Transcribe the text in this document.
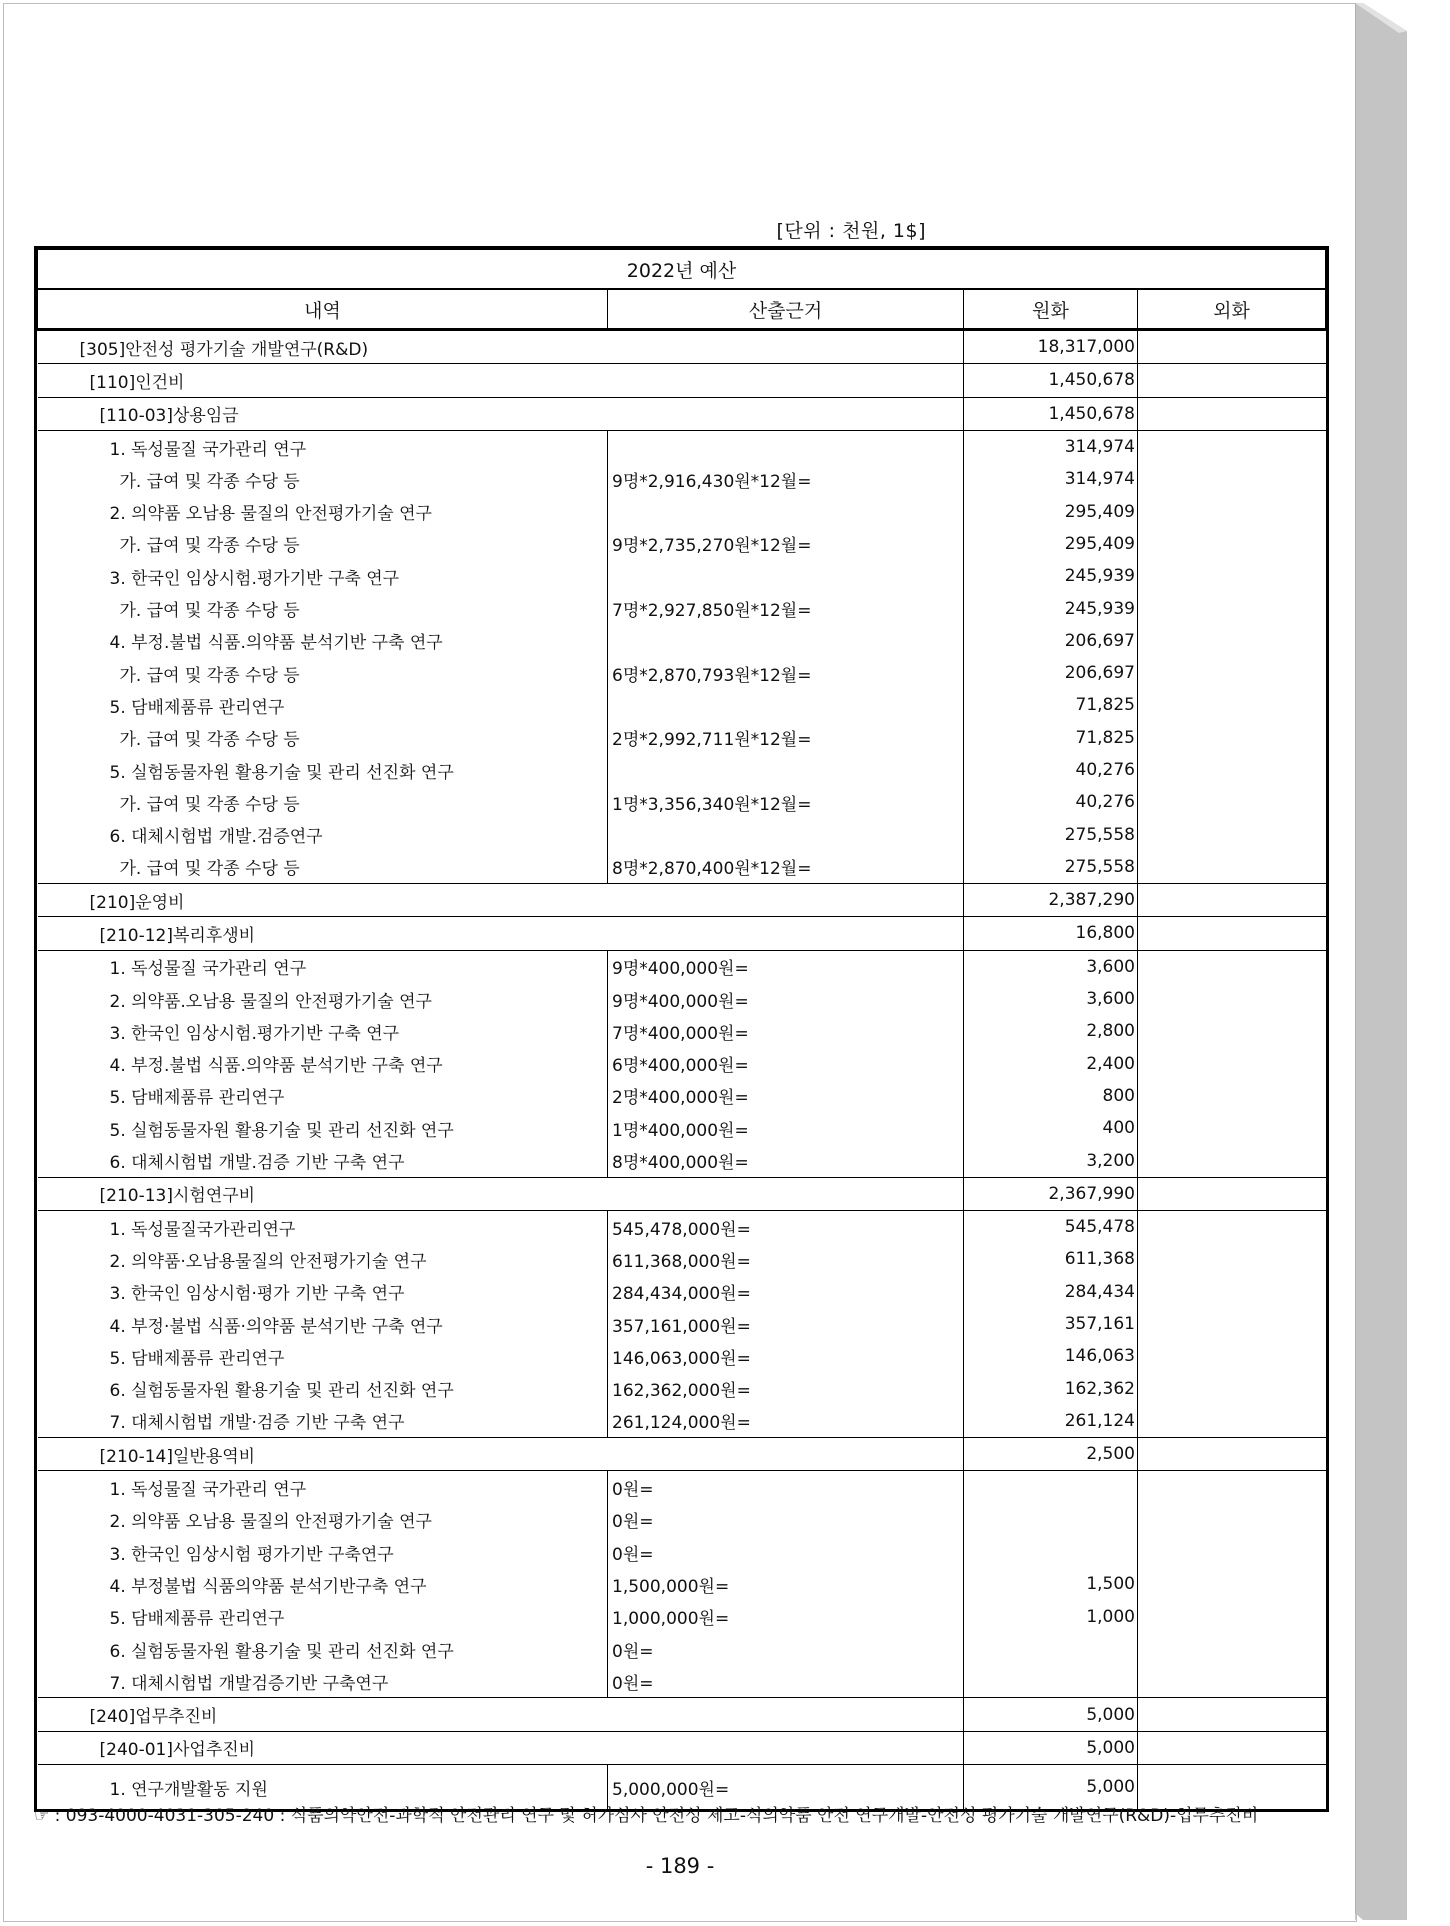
[단위 : 천원, 1$]
2022년 예산			
내역	산출근거	원화	외화
[305]안전성 평가기술 개발연구(R&D)		18,317,000	
[110]인건비		1,450,678	
[110-03]상용임금		1,450,678	
1. 독성물질 국가관리 연구		314,974	
가. 급여 및 각종 수당 등	9명*2,916,430원*12월=	314,974	
2. 의약품 오남용 물질의 안전평가기술 연구		295,409	
가. 급여 및 각종 수당 등	9명*2,735,270원*12월=	295,409	
3. 한국인 임상시험.평가기반 구축 연구		245,939	
가. 급여 및 각종 수당 등	7명*2,927,850원*12월=	245,939	
4. 부정.불법 식품.의약품 분석기반 구축 연구		206,697	
가. 급여 및 각종 수당 등	6명*2,870,793원*12월=	206,697	
5. 담배제품류 관리연구		71,825	
가. 급여 및 각종 수당 등	2명*2,992,711원*12월=	71,825	
5. 실험동물자원 활용기술 및 관리 선진화 연구		40,276	
가. 급여 및 각종 수당 등	1명*3,356,340원*12월=	40,276	
6. 대체시험법 개발.검증연구		275,558	
가. 급여 및 각종 수당 등	8명*2,870,400원*12월=	275,558	
[210]운영비		2,387,290	
[210-12]복리후생비		16,800	
1. 독성물질 국가관리 연구	9명*400,000원=	3,600	
2. 의약품.오남용 물질의 안전평가기술 연구	9명*400,000원=	3,600	
3. 한국인 임상시험.평가기반 구축 연구	7명*400,000원=	2,800	
4. 부정.불법 식품.의약품 분석기반 구축 연구	6명*400,000원=	2,400	
5. 담배제품류 관리연구	2명*400,000원=	800	
5. 실험동물자원 활용기술 및 관리 선진화 연구	1명*400,000원=	400	
6. 대체시험법 개발.검증 기반 구축 연구	8명*400,000원=	3,200	
[210-13]시험연구비		2,367,990	
1. 독성물질국가관리연구	545,478,000원=	545,478	
2. 의약품·오남용물질의 안전평가기술 연구	611,368,000원=	611,368	
3. 한국인 임상시험·평가 기반 구축 연구	284,434,000원=	284,434	
4. 부정·불법 식품·의약품 분석기반 구축 연구	357,161,000원=	357,161	
5. 담배제품류 관리연구	146,063,000원=	146,063	
6. 실험동물자원 활용기술 및 관리 선진화 연구	162,362,000원=	162,362	
7. 대체시험법 개발·검증 기반 구축 연구	261,124,000원=	261,124	
[210-14]일반용역비		2,500	
1. 독성물질 국가관리 연구	0원=		
2. 의약품 오남용 물질의 안전평가기술 연구	0원=		
3. 한국인 임상시험 평가기반 구축연구	0원=		
4. 부정불법 식품의약품 분석기반구축 연구	1,500,000원=	1,500	
5. 담배제품류 관리연구	1,000,000원=	1,000	
6. 실험동물자원 활용기술 및 관리 선진화 연구	0원=		
7. 대체시험법 개발검증기반 구축연구	0원=		
[240]업무추진비		5,000	
[240-01]사업추진비		5,000	
1. 연구개발활동 지원	5,000,000원=	5,000	
☞ : 093-4000-4031-305-240 : 식품의약안전-과학적 안전관리 연구 및 허가심사 안전성 제고-식의약품 안전 연구개발-안전성 평가기술 개발연구(R&D)-업무추진비
- 189 -
